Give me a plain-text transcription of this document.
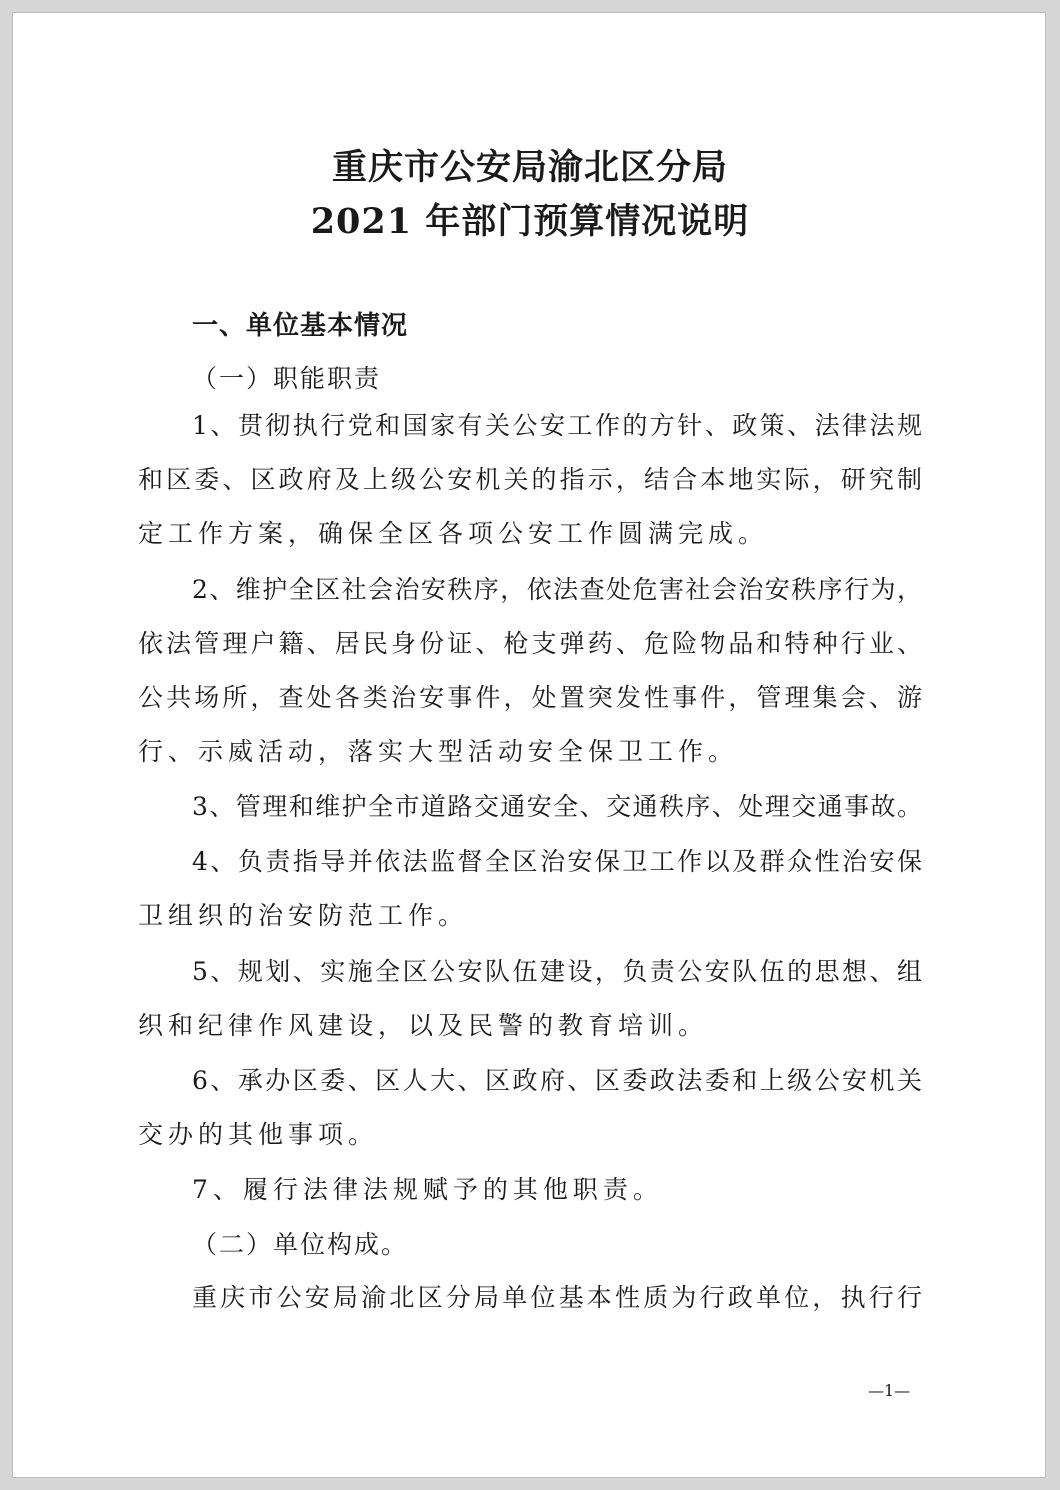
重庆市公安局渝北区分局
2021 年部门预算情况说明
一、单位基本情况
（一）职能职责
1、贯彻执行党和国家有关公安工作的方针、政策、法律法规
和区委、区政府及上级公安机关的指示，结合本地实际，研究制
定工作方案，确保全区各项公安工作圆满完成。
2、维护全区社会治安秩序，依法查处危害社会治安秩序行为，
依法管理户籍、居民身份证、枪支弹药、危险物品和特种行业、
公共场所，查处各类治安事件，处置突发性事件，管理集会、游
行、示威活动，落实大型活动安全保卫工作。
3、管理和维护全市道路交通安全、交通秩序、处理交通事故。
4、负责指导并依法监督全区治安保卫工作以及群众性治安保
卫组织的治安防范工作。
5、规划、实施全区公安队伍建设，负责公安队伍的思想、组
织和纪律作风建设，以及民警的教育培训。
6、承办区委、区人大、区政府、区委政法委和上级公安机关
交办的其他事项。
7、履行法律法规赋予的其他职责。
（二）单位构成。
重庆市公安局渝北区分局单位基本性质为行政单位，执行行
—1—
